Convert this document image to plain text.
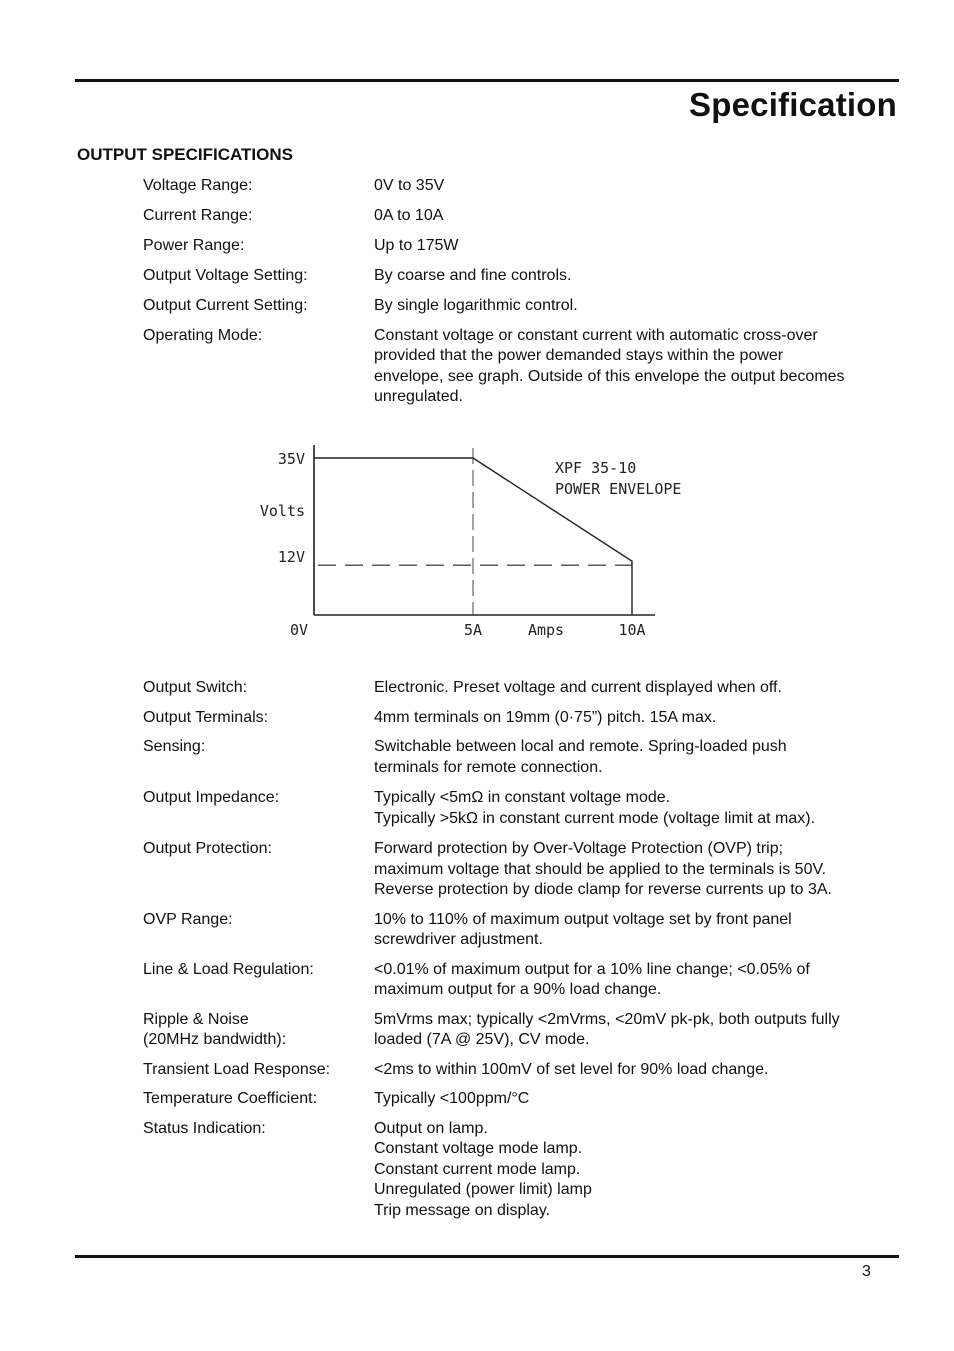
Specification
OUTPUT SPECIFICATIONS
Voltage Range:	0V to 35V
Current Range:	0A to 10A
Power Range:	Up to 175W
Output Voltage Setting:	By coarse and fine controls.
Output Current Setting:	By single logarithmic control.
Operating Mode:	Constant voltage or constant current with automatic cross-over
provided that the power demanded stays within the power
envelope, see graph. Outside of this envelope the output becomes
unregulated.
35V
12V
Volts
0V	5A	10A
Amps
XPF 35-10
POWER ENVELOPE
Output Switch:	Electronic. Preset voltage and current displayed when off.
Output Terminals:	4mm terminals on 19mm (0·75”) pitch. 15A max.
Sensing:	Switchable between local and remote. Spring-loaded push
terminals for remote connection.
Output Impedance:	Typically <5mΩ in constant voltage mode.
Typically >5kΩ in constant current mode (voltage limit at max).
Output Protection:	Forward protection by Over-Voltage Protection (OVP) trip;
maximum voltage that should be applied to the terminals is 50V.
Reverse protection by diode clamp for reverse currents up to 3A.
OVP Range:	10% to 110% of maximum output voltage set by front panel
screwdriver adjustment.
Line & Load Regulation:	<0.01% of maximum output for a 10% line change; <0.05% of
maximum output for a 90% load change.
Ripple & Noise
(20MHz bandwidth):
5mVrms max; typically <2mVrms, <20mV pk-pk, both outputs fully
loaded (7A @ 25V), CV mode.
Transient Load Response:	<2ms to within 100mV of set level for 90% load change.
Temperature Coefficient:	Typically <100ppm/°C
Status Indication:	Output on lamp.
Constant voltage mode lamp.
Constant current mode lamp.
Unregulated (power limit) lamp
Trip message on display.
3
